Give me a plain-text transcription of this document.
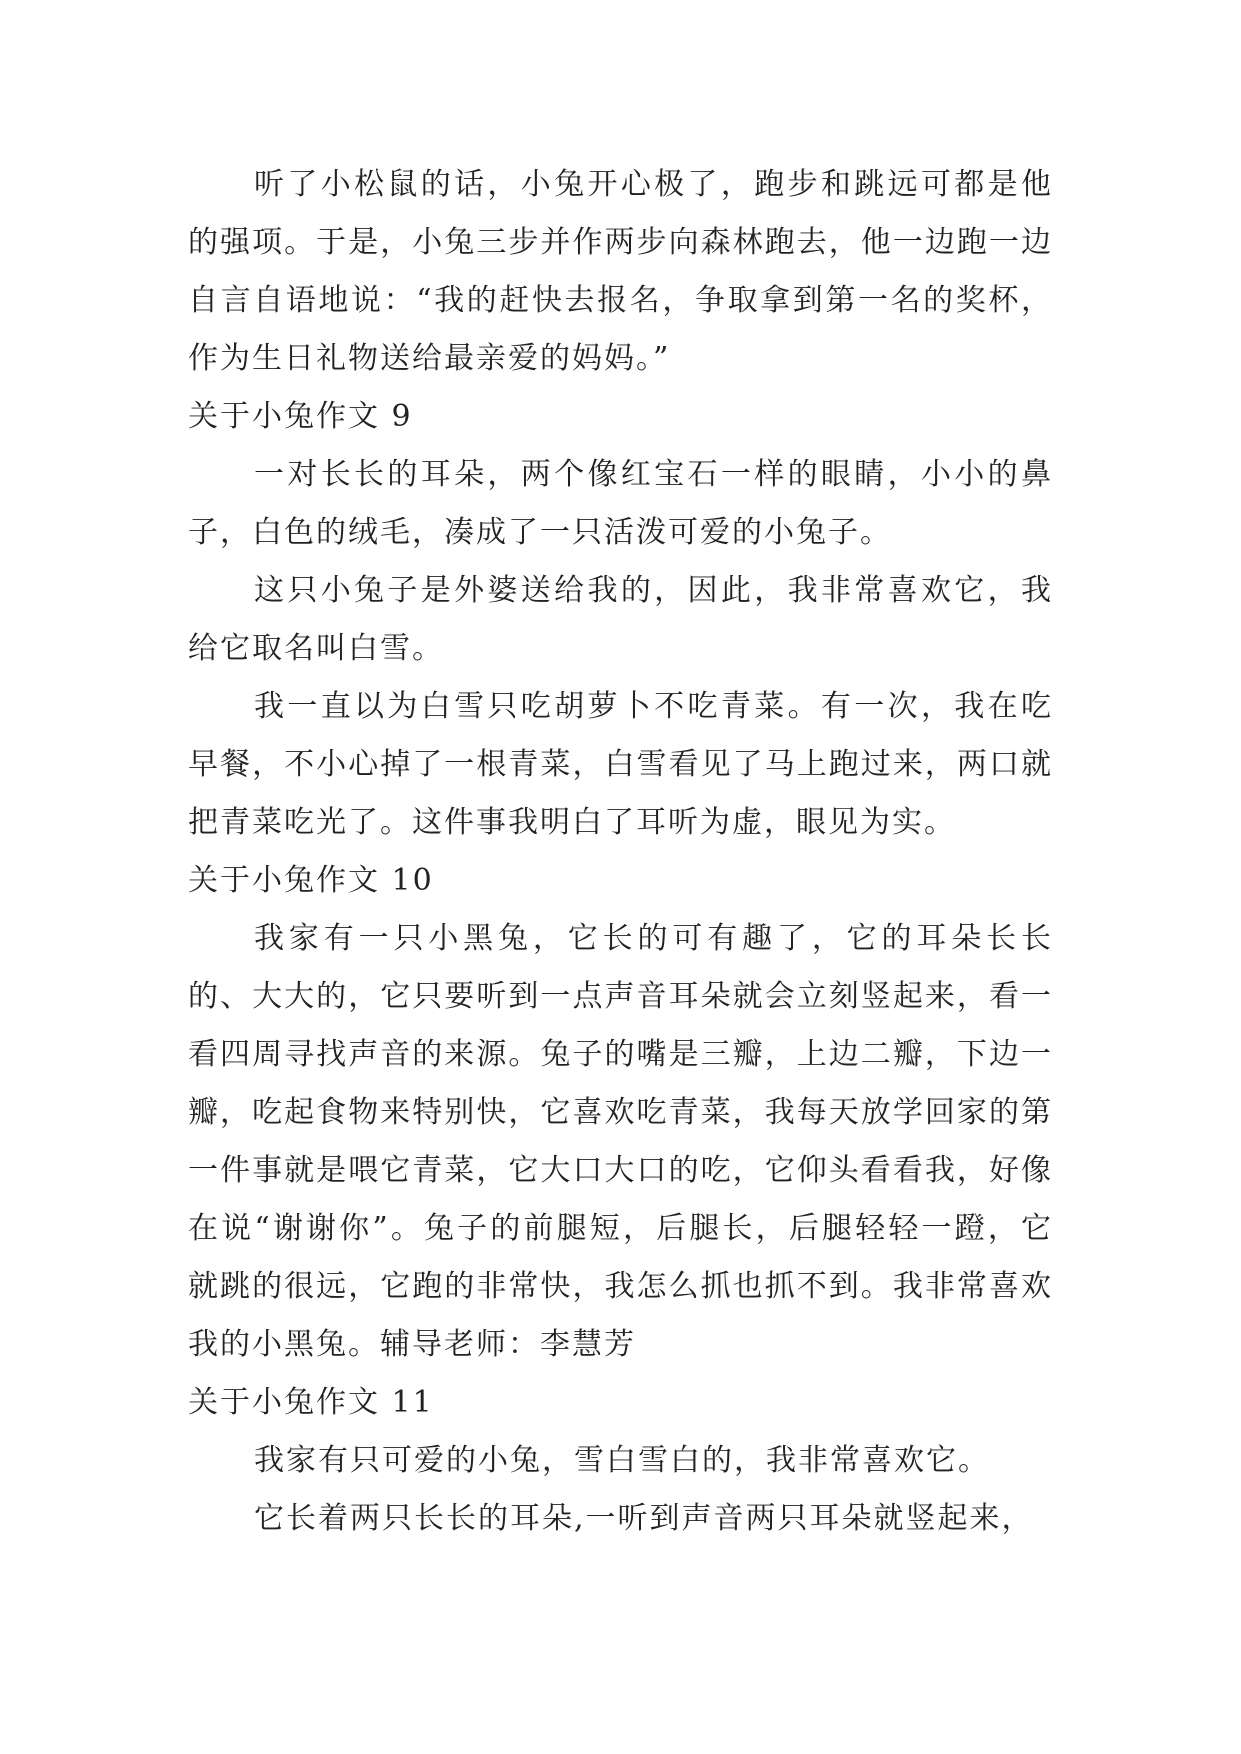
听了小松鼠的话，小兔开心极了，跑步和跳远可都是他的强项。于是，小兔三步并作两步向森林跑去，他一边跑一边自言自语地说：“我的赶快去报名，争取拿到第一名的奖杯，作为生日礼物送给最亲爱的妈妈。”

关于小兔作文 9

一对长长的耳朵，两个像红宝石一样的眼睛，小小的鼻子，白色的绒毛，凑成了一只活泼可爱的小兔子。

这只小兔子是外婆送给我的，因此，我非常喜欢它，我给它取名叫白雪。

我一直以为白雪只吃胡萝卜不吃青菜。有一次，我在吃早餐，不小心掉了一根青菜，白雪看见了马上跑过来，两口就把青菜吃光了。这件事我明白了耳听为虚，眼见为实。

关于小兔作文 10

我家有一只小黑兔，它长的可有趣了，它的耳朵长长的、大大的，它只要听到一点声音耳朵就会立刻竖起来，看一看四周寻找声音的来源。兔子的嘴是三瓣，上边二瓣，下边一瓣，吃起食物来特别快，它喜欢吃青菜，我每天放学回家的第一件事就是喂它青菜，它大口大口的吃，它仰头看看我，好像在说“谢谢你”。兔子的前腿短，后腿长，后腿轻轻一蹬，它就跳的很远，它跑的非常快，我怎么抓也抓不到。我非常喜欢我的小黑兔。辅导老师：李慧芳

关于小兔作文 11

我家有只可爱的小兔，雪白雪白的，我非常喜欢它。

它长着两只长长的耳朵,一听到声音两只耳朵就竖起来，
